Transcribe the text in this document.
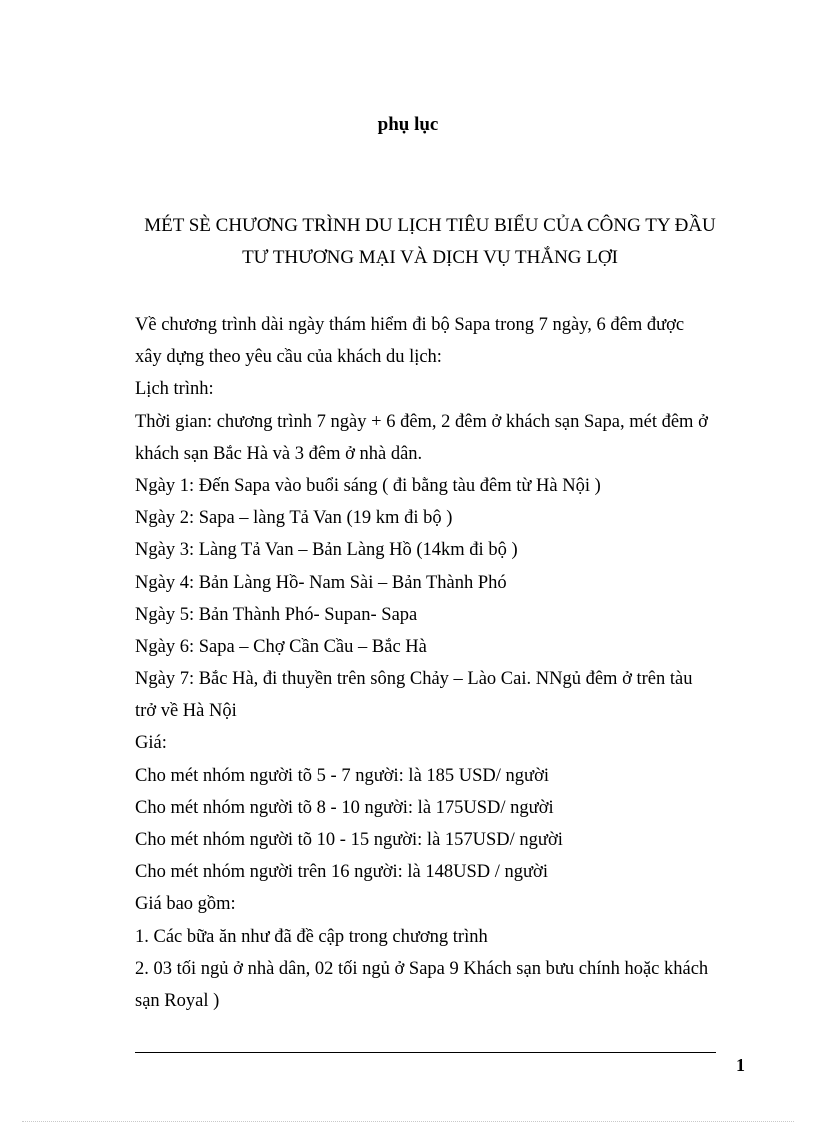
phụ lục
MÉT SÈ CHƯƠNG TRÌNH DU LỊCH TIÊU BIỂU CỦA CÔNG TY ĐẦU
TƯ THƯƠNG MẠI VÀ DỊCH VỤ THẮNG LỢI
Về chương trình dài ngày thám hiểm đi bộ Sapa trong 7 ngày, 6 đêm được
xây dựng theo yêu cầu của khách du lịch:
Lịch trình:
Thời gian: chương trình 7 ngày + 6 đêm, 2 đêm ở khách sạn Sapa, mét đêm ở
khách sạn Bắc Hà và 3 đêm ở nhà dân.
Ngày 1: Đến Sapa vào buổi sáng ( đi bằng tàu đêm từ Hà Nội )
Ngày 2: Sapa – làng Tả Van (19 km đi bộ )
Ngày 3: Làng Tả Van – Bản Làng Hồ (14km đi bộ )
Ngày 4: Bản Làng Hồ- Nam Sài – Bản Thành Phó
Ngày 5: Bản Thành Phó- Supan- Sapa
Ngày 6: Sapa – Chợ Cần Cầu – Bắc Hà
Ngày 7: Bắc Hà, đi thuyền trên sông Chảy – Lào Cai. NNgủ đêm ở trên tàu
trở về Hà Nội
Giá:
Cho mét nhóm người tõ 5 - 7 người: là 185 USD/ người
Cho mét nhóm người tõ 8 - 10 người: là 175USD/ người
Cho mét nhóm người tõ 10 - 15 người: là 157USD/ người
Cho mét nhóm người trên 16 người: là 148USD / người
Giá bao gồm:
1. Các bữa ăn như đã đề cập trong chương trình
2. 03 tối ngủ ở nhà dân, 02 tối ngủ ở Sapa 9 Khách sạn bưu chính hoặc khách
sạn Royal )
1
